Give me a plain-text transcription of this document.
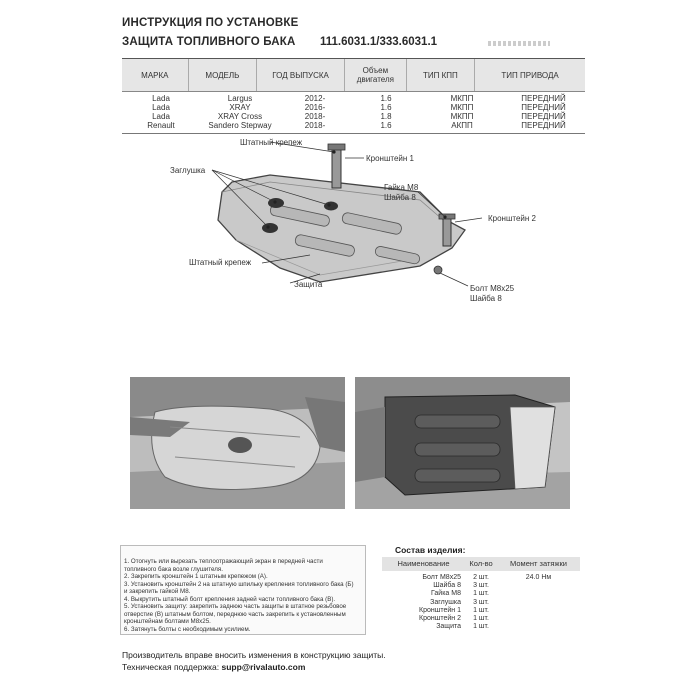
ИНСТРУКЦИЯ ПО УСТАНОВКЕ
ЗАЩИТА ТОПЛИВНОГО БАКА 111.6031.1/333.6031.1
МАРКА	МОДЕЛЬ	ГОД ВЫПУСКА	Объем двигателя	ТИП КПП	ТИП ПРИВОДА
Lada	Largus	2012-	1.6	МКПП	ПЕРЕДНИЙ
Lada	XRAY	2016-	1.6	МКПП	ПЕРЕДНИЙ
Lada	XRAY Cross	2018-	1.8	МКПП	ПЕРЕДНИЙ
Renault	Sandero Stepway	2018-	1.6	АКПП	ПЕРЕДНИЙ
Штатный крепеж
Кронштейн 1
Заглушка
Гайка М8
Шайба 8
Кронштейн 2
Штатный крепеж
Защита	Болт М8х25
Шайба 8

1. Отогнуть или вырезать теплоотражающий экран в передней части

топливного бака возле глушителя.

2. Закрепить кронштейн 1 штатным крепежом (А).

3. Установить кронштейн 2 на штатную шпильку крепления топливного бака (Б)

и закрепить гайкой М8.

4. Выкрутить штатный болт крепления задней части топливного бака (В).

5. Установить защиту: закрепить заднюю часть защиты в штатное резьбовое

отверстие (В) штатным болтом, переднюю часть закрепить к установленным

кронштейнам болтами М8х25.

6. Затянуть болты с необходимым усилием.

Состав изделия:
Наименование	Кол-во	Момент затяжки
Болт М8х25	2 шт.	24.0 Нм
Шайба 8	3 шт.
Гайка М8	1 шт.
Заглушка	3 шт.
Кронштейн 1	1 шт.
Кронштейн 2	1 шт.
Защита	1 шт.
Производитель вправе вносить изменения в конструкцию защиты.
Техническая поддержка: supp@rivalauto.com
